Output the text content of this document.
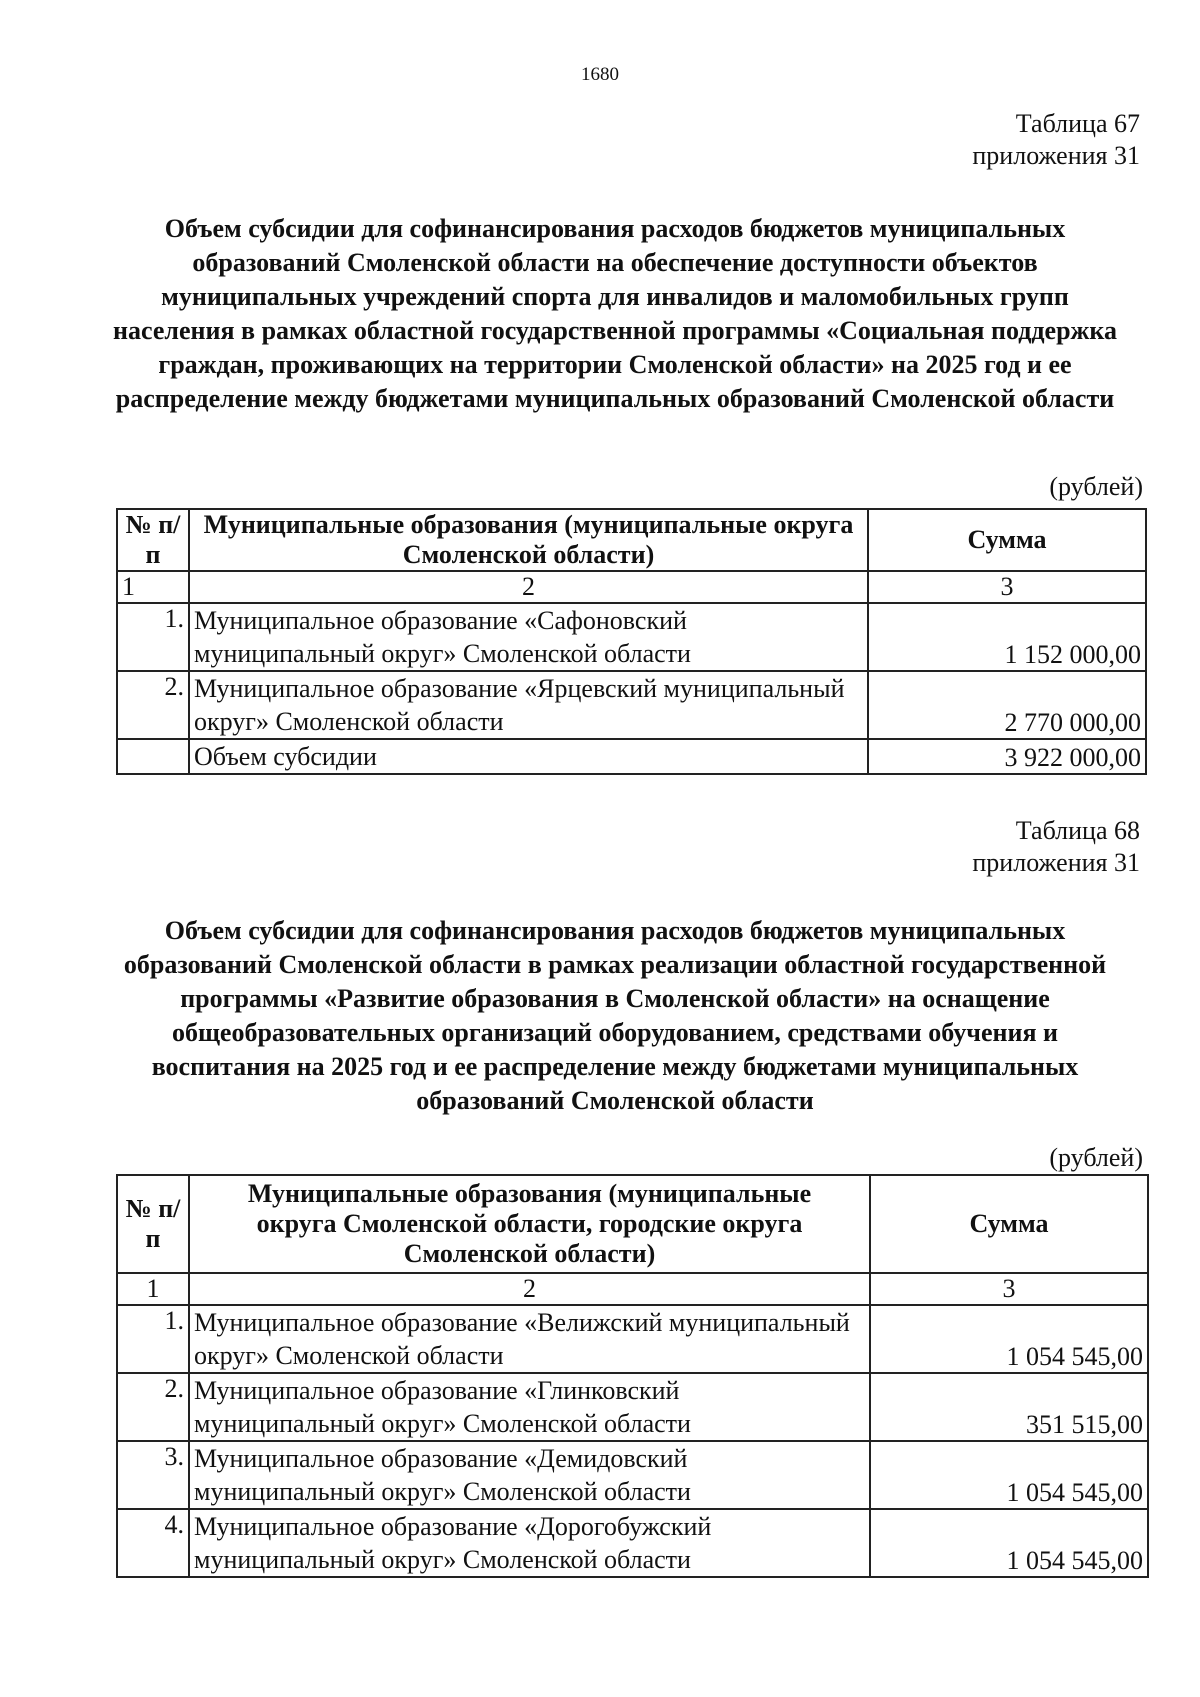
1680
Таблица 67
приложения 31
Объем субсидии для софинансирования расходов бюджетов муниципальных образований Смоленской области на обеспечение доступности объектов муниципальных учреждений спорта для инвалидов и маломобильных групп населения в рамках областной государственной программы «Социальная поддержка граждан, проживающих на территории Смоленской области» на 2025 год и ее распределение между бюджетами муниципальных образований Смоленской области
(рублей)
№ п/п	Муниципальные образования (муниципальные округа Смоленской области)	Сумма
1	2	3
1.	Муниципальное образование «Сафоновский муниципальный округ» Смоленской области	1 152 000,00
2.	Муниципальное образование «Ярцевский муниципальный округ» Смоленской области	2 770 000,00
	Объем субсидии	3 922 000,00
Таблица 68
приложения 31
Объем субсидии для софинансирования расходов бюджетов муниципальных образований Смоленской области в рамках реализации областной государственной программы «Развитие образования в Смоленской области» на оснащение общеобразовательных организаций оборудованием, средствами обучения и воспитания на 2025 год и ее распределение между бюджетами муниципальных образований Смоленской области
(рублей)
№ п/п	Муниципальные образования (муниципальные округа Смоленской области, городские округа Смоленской области)	Сумма
1	2	3
1.	Муниципальное образование «Велижский муниципальный округ» Смоленской области	1 054 545,00
2.	Муниципальное образование «Глинковский муниципальный округ» Смоленской области	351 515,00
3.	Муниципальное образование «Демидовский муниципальный округ» Смоленской области	1 054 545,00
4.	Муниципальное образование «Дорогобужский муниципальный округ» Смоленской области	1 054 545,00
